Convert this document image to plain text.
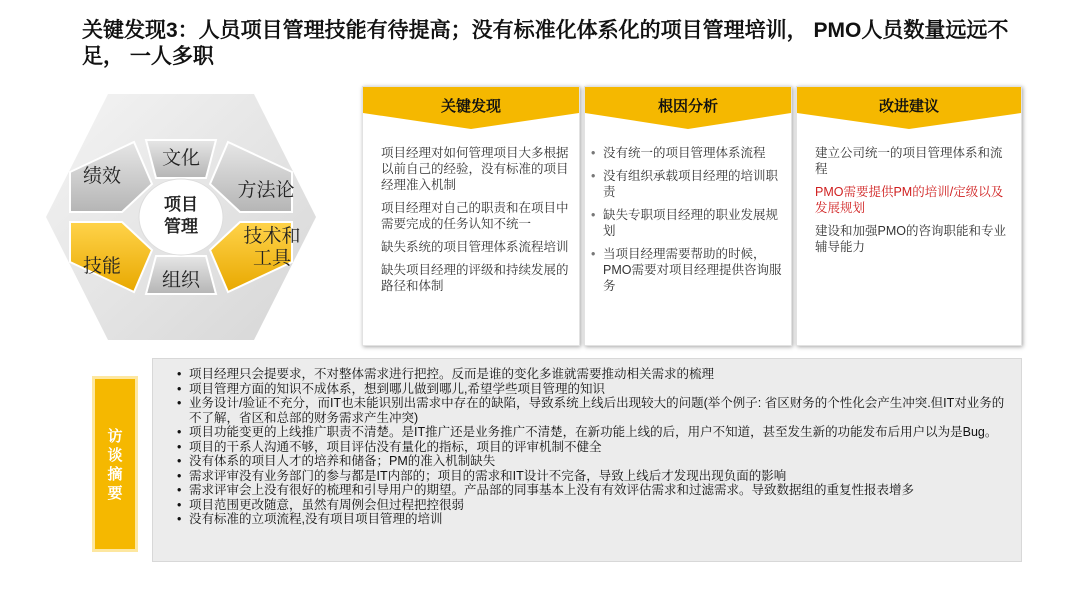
关键发现3：人员项目管理技能有待提高；没有标准化体系化的项目管理培训， PMO人员数量远远不足， 一人多职
项目管理
文化
绩效
方法论
技能
组织
技术和工具
关键发现
项目经理对如何管理项目大多根据以前自己的经验，没有标准的项目经理准入机制
项目经理对自己的职责和在项目中需要完成的任务认知不统一
缺失系统的项目管理体系流程培训
缺失项目经理的评级和持续发展的路径和体制
根因分析
• 没有统一的项目管理体系流程
• 没有组织承载项目经理的培训职责
• 缺失专职项目经理的职业发展规划
• 当项目经理需要帮助的时候，PMO需要对项目经理提供咨询服务
改进建议
建立公司统一的项目管理体系和流程
PMO需要提供PM的培训/定级以及发展规划
建设和加强PMO的咨询职能和专业辅导能力
访
谈
摘
要
• 项目经理只会提要求，不对整体需求进行把控。反而是谁的变化多谁就需要推动相关需求的梳理
• 项目管理方面的知识不成体系，想到哪儿做到哪儿,希望学些项目管理的知识
• 业务设计/验证不充分，而IT也未能识别出需求中存在的缺陷，导致系统上线后出现较大的问题(举个例子: 省区财务的个性化会产生冲突.但IT对业务的不了解，省区和总部的财务需求产生冲突)
• 项目功能变更的上线推广职责不清楚。是IT推广还是业务推广不清楚，在新功能上线的后，用户不知道，甚至发生新的功能发布后用户以为是Bug。
• 项目的干系人沟通不够，项目评估没有量化的指标，项目的评审机制不健全
• 没有体系的项目人才的培养和储备；PM的准入机制缺失
• 需求评审没有业务部门的参与都是IT内部的；项目的需求和IT设计不完备，导致上线后才发现出现负面的影响
• 需求评审会上没有很好的梳理和引导用户的期望。产品部的同事基本上没有有效评估需求和过滤需求。导致数据组的重复性报表增多
• 项目范围更改随意，虽然有周例会但过程把控很弱
• 没有标准的立项流程,没有项目项目管理的培训
